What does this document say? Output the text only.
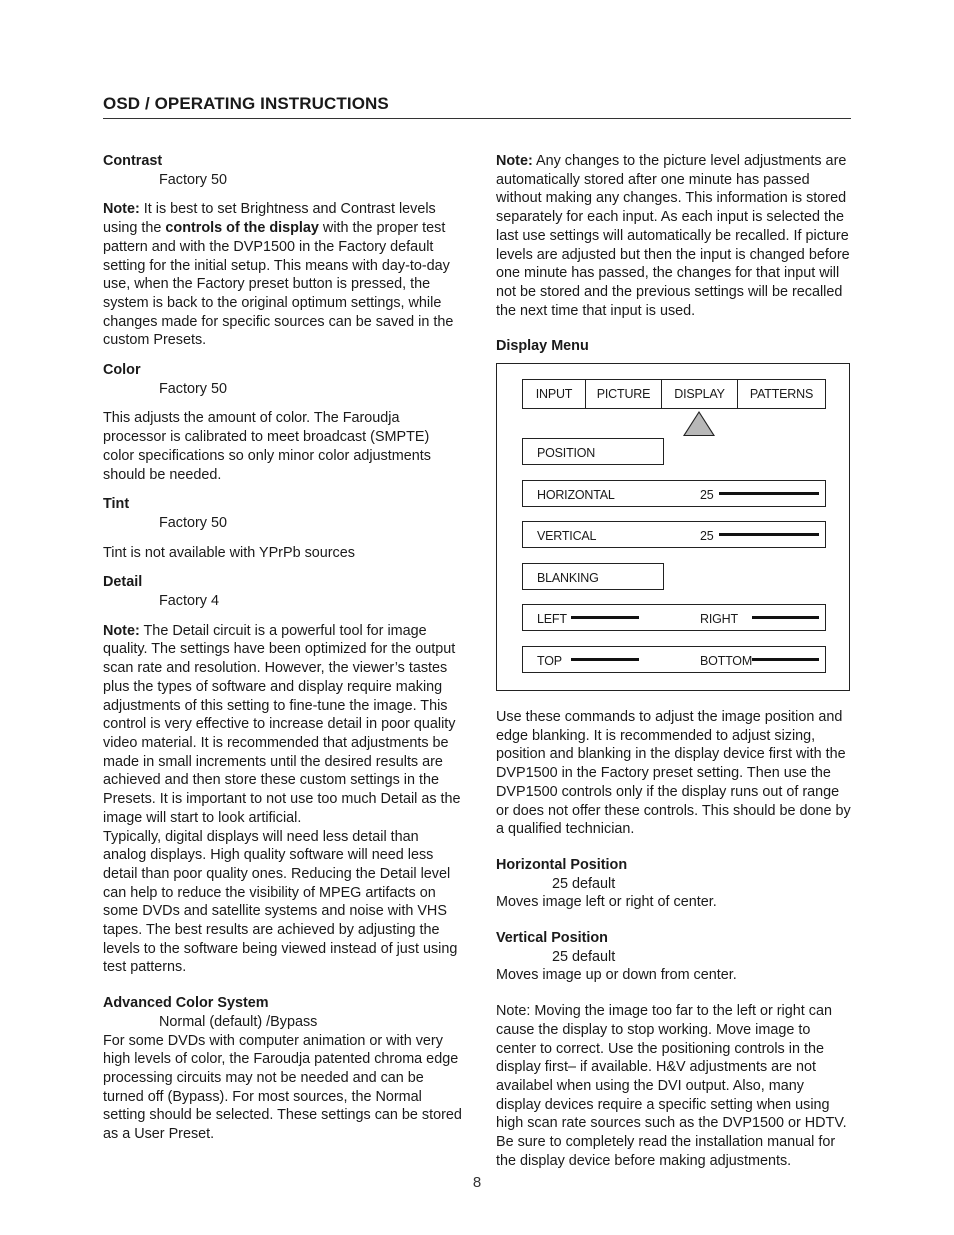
OSD / OPERATING INSTRUCTIONS

Contrast

Factory 50

Note: It is best to set Brightness and Contrast levels using the controls of the display with the proper test pattern and with the DVP1500 in the Factory default setting for the initial setup. This means with day-to-day use, when the Factory preset button is pressed, the system is back to the original optimum settings, while changes made for specific sources can be saved in the custom Presets.

Color

Factory 50

This adjusts the amount of color. The Faroudja processor is calibrated to meet broadcast (SMPTE) color specifications so only minor color adjustments should be needed.

Tint

Factory 50

Tint is not available with YPrPb sources

Detail

Factory 4

Note: The Detail circuit is a powerful tool for image quality. The settings have been optimized for the output scan rate and resolution. However, the viewer’s tastes plus the types of software and display require making adjustments of this setting to fine-tune the image. This control is very effective to increase detail in poor quality video material. It is recommended that adjustments be made in small increments until the desired results are achieved and then store these custom settings in the Presets. It is important to not use too much Detail as the image will start to look artificial.

Typically, digital displays will need less detail than analog displays. High quality software will need less detail than poor quality ones. Reducing the Detail level can help to reduce the visibility of MPEG artifacts on some DVDs and satellite systems and noise with VHS tapes. The best results are achieved by adjusting the levels to the software being viewed instead of just using test patterns.

Advanced Color System

Normal (default) /Bypass

For some DVDs with computer animation or with very high levels of color, the Faroudja patented chroma edge processing circuits may not be needed and can be turned off (Bypass). For most sources, the Normal setting should be selected. These settings can be stored as a User Preset.

Note: Any changes to the picture level adjustments are automatically stored after one minute has passed without making any changes. This information is stored separately for each input. As each input is selected the last use settings will automatically be recalled. If picture levels are adjusted but then the input is changed before one minute has passed, the changes for that input will not be stored and the previous settings will be recalled the next time that input is used.

Display Menu

INPUT	PICTURE	DISPLAY	PATTERNS
POSITION
HORIZONTAL	25
VERTICAL	25
BLANKING
LEFT	RIGHT
TOP	BOTTOM

Use these commands to adjust the image position and edge blanking. It is recommended to adjust sizing, position and blanking in the display device first with the DVP1500 in the Factory preset setting. Then use the DVP1500 controls only if the display runs out of range or does not offer these controls. This should be done by a qualified technician.

Horizontal Position

25 default

Moves image left or right of center.

Vertical Position

25 default

Moves image up or down from center.

Note: Moving the image too far to the left or right can cause the display to stop working. Move image to center to correct. Use the positioning controls in the display first– if available. H&V adjustments are not availabel when using the DVI output. Also, many display devices require a specific setting when using high scan rate sources such as the DVP1500 or HDTV. Be sure to completely read the installation manual for the display device before making adjustments.

8
